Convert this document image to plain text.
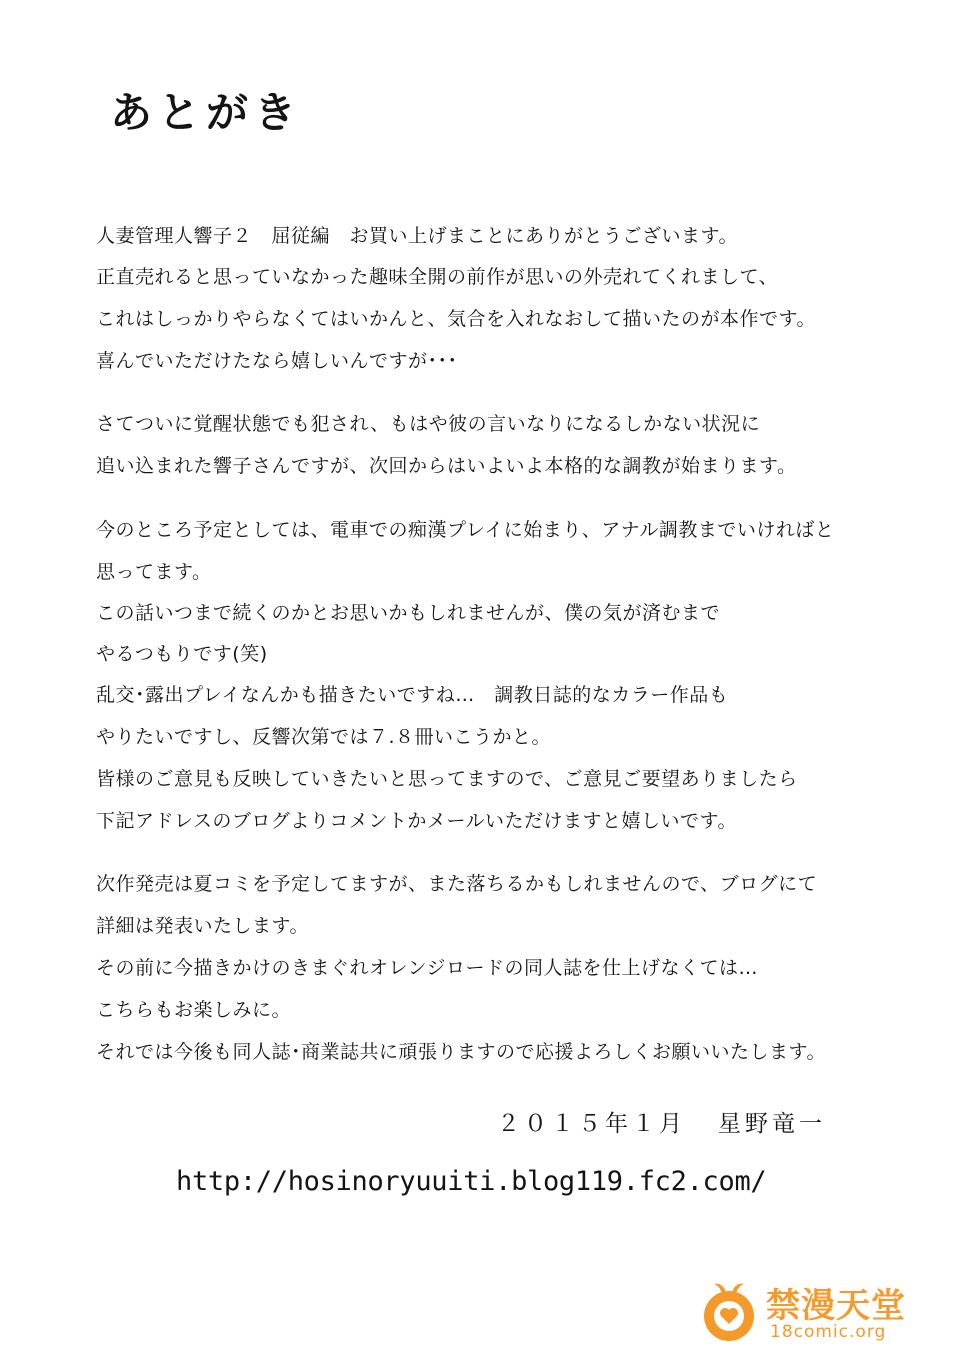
あとがき
人妻管理人響子２　屈従編　お買い上げまことにありがとうございます。
正直売れると思っていなかった趣味全開の前作が思いの外売れてくれまして、
これはしっかりやらなくてはいかんと、気合を入れなおして描いたのが本作です。
喜んでいただけたなら嬉しいんですが･･･
さてついに覚醒状態でも犯され、もはや彼の言いなりになるしかない状況に
追い込まれた響子さんですが、次回からはいよいよ本格的な調教が始まります。
今のところ予定としては、電車での痴漢プレイに始まり、アナル調教までいければと
思ってます。
この話いつまで続くのかとお思いかもしれませんが、僕の気が済むまで
やるつもりです(笑)
乱交･露出プレイなんかも描きたいですね…　調教日誌的なカラー作品も
やりたいですし、反響次第では７.８冊いこうかと。
皆様のご意見も反映していきたいと思ってますので、ご意見ご要望ありましたら
下記アドレスのブログよりコメントかメールいただけますと嬉しいです。
次作発売は夏コミを予定してますが、また落ちるかもしれませんので、ブログにて
詳細は発表いたします。
その前に今描きかけのきまぐれオレンジロードの同人誌を仕上げなくては…
こちらもお楽しみに。
それでは今後も同人誌･商業誌共に頑張りますので応援よろしくお願いいたします。
２０１５年１月 星野竜一
http://hosinoryuuiti.blog119.fc2.com/
禁漫天堂
18comic.org
